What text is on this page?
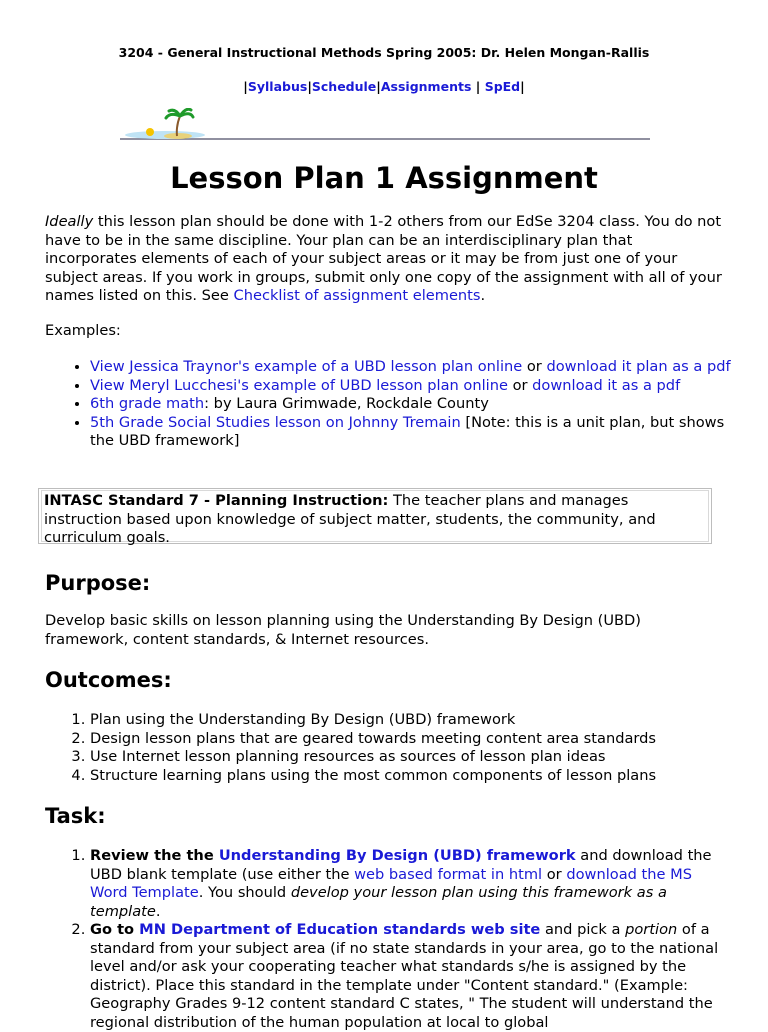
3204 - General Instructional Methods Spring 2005: Dr. Helen Mongan-Rallis
|Syllabus|Schedule|Assignments | SpEd|
Lesson Plan 1 Assignment

Ideally this lesson plan should be done with 1-2 others from our EdSe 3204 class. You do not have to be in the same discipline. Your plan can be an interdisciplinary plan that incorporates elements of each of your subject areas or it may be from just one of your subject areas. If you work in groups, submit only one copy of the assignment with all of your names listed on this. See Checklist of assignment elements.

Examples:
• View Jessica Traynor's example of a UBD lesson plan online or download it plan as a pdf
• View Meryl Lucchesi's example of UBD lesson plan online or download it as a pdf
• 6th grade math: by Laura Grimwade, Rockdale County
• 5th Grade Social Studies lesson on Johnny Tremain [Note: this is a unit plan, but shows the UBD framework]
INTASC Standard 7 - Planning Instruction: The teacher plans and manages instruction based upon knowledge of subject matter, students, the community, and curriculum goals.
Purpose:

Develop basic skills on lesson planning using the Understanding By Design (UBD) framework, content standards, & Internet resources.

Outcomes:
1. Plan using the Understanding By Design (UBD) framework
2. Design lesson plans that are geared towards meeting content area standards
3. Use Internet lesson planning resources as sources of lesson plan ideas
4. Structure learning plans using the most common components of lesson plans
Task:
1. Review the the Understanding By Design (UBD) framework and download the UBD blank template (use either the web based format in html or download the MS Word Template. You should develop your lesson plan using this framework as a template.
2. Go to MN Department of Education standards web site and pick a portion of a standard from your subject area (if no state standards in your area, go to the national level and/or ask your cooperating teacher what standards s/he is assigned by the district). Place this standard in the template under "Content standard." (Example: Geography Grades 9-12 content standard C states, " The student will understand the regional distribution of the human population at local to global
